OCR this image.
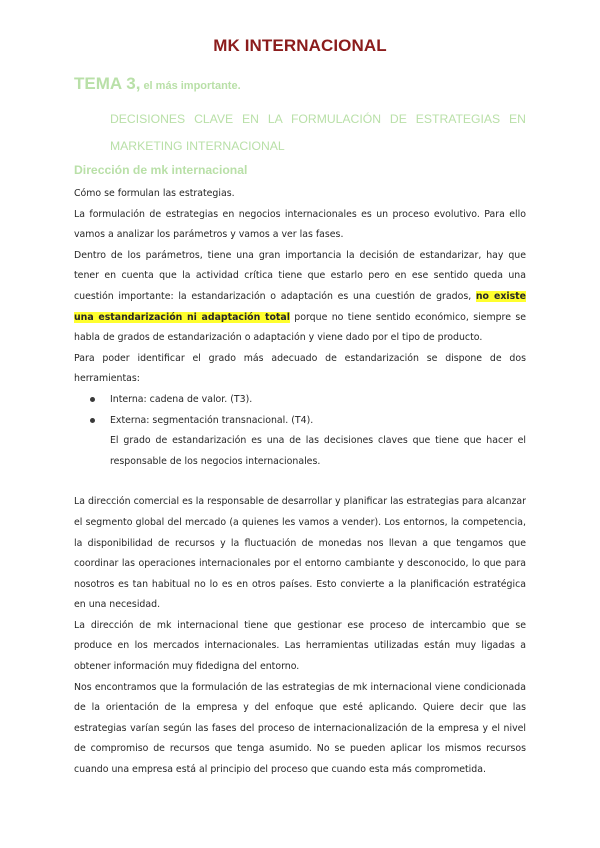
MK INTERNACIONAL
TEMA 3, el más importante.
DECISIONES CLAVE EN LA FORMULACIÓN DE ESTRATEGIAS EN
MARKETING INTERNACIONAL
Dirección de mk internacional

Cómo se formulan las estrategias.

La formulación de estrategias en negocios internacionales es un proceso evolutivo. Para ello vamos a analizar los parámetros y vamos a ver las fases.

Dentro de los parámetros, tiene una gran importancia la decisión de estandarizar, hay que tener en cuenta que la actividad crítica tiene que estarlo pero en ese sentido queda una cuestión importante: la estandarización o adaptación es una cuestión de grados, no existe una estandarización ni adaptación total porque no tiene sentido económico, siempre se habla de grados de estandarización o adaptación y viene dado por el tipo de producto.

Para poder identificar el grado más adecuado de estandarización se dispone de dos herramientas:

Interna: cadena de valor. (T3).
Externa: segmentación transnacional. (T4).

El grado de estandarización es una de las decisiones claves que tiene que hacer el responsable de los negocios internacionales.

La dirección comercial es la responsable de desarrollar y planificar las estrategias para alcanzar el segmento global del mercado (a quienes les vamos a vender). Los entornos, la competencia, la disponibilidad de recursos y la fluctuación de monedas nos llevan a que tengamos que coordinar las operaciones internacionales por el entorno cambiante y desconocido, lo que para nosotros es tan habitual no lo es en otros países. Esto convierte a la planificación estratégica en una necesidad.

La dirección de mk internacional tiene que gestionar ese proceso de intercambio que se produce en los mercados internacionales. Las herramientas utilizadas están muy ligadas a obtener información muy fidedigna del entorno.

Nos encontramos que la formulación de las estrategias de mk internacional viene condicionada de la orientación de la empresa y del enfoque que esté aplicando. Quiere decir que las estrategias varían según las fases del proceso de internacionalización de la empresa y el nivel de compromiso de recursos que tenga asumido. No se pueden aplicar los mismos recursos cuando una empresa está al principio del proceso que cuando esta más comprometida.
